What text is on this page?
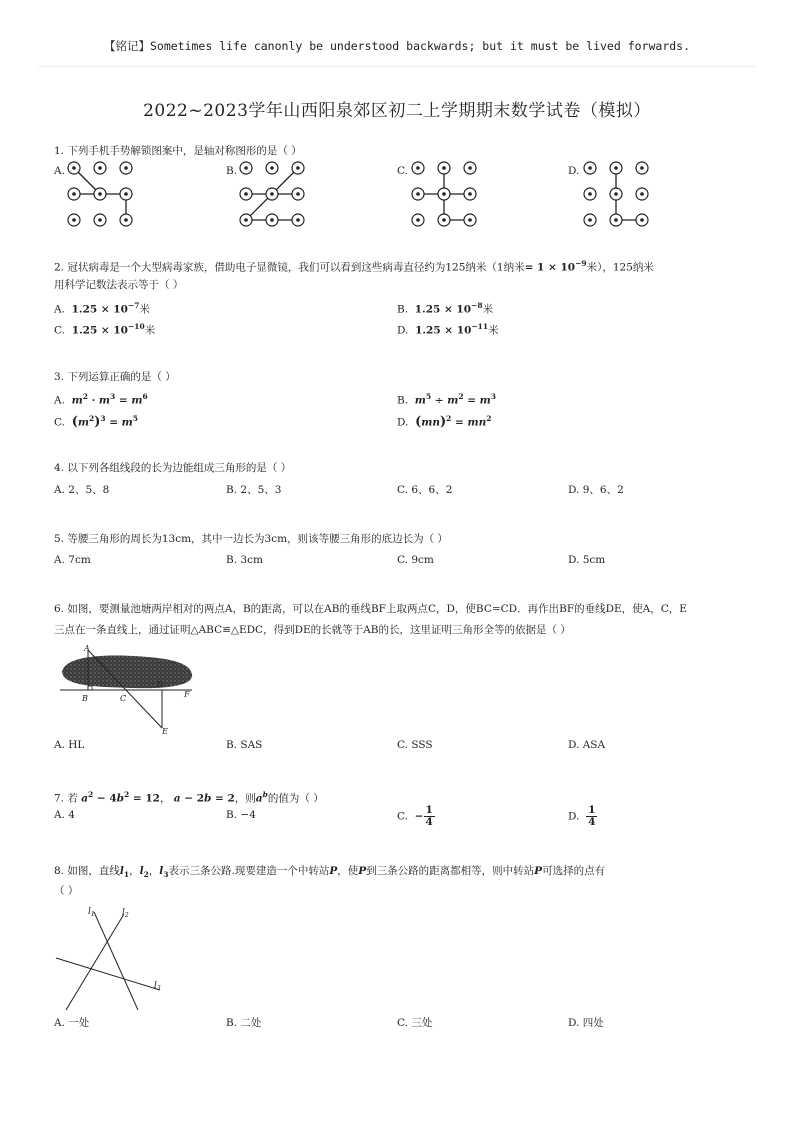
【铭记】Sometimes life canonly be understood backwards; but it must be lived forwards.
2022~2023学年山西阳泉郊区初二上学期期末数学试卷（模拟）
1. 下列手机手势解锁图案中，是轴对称图形的是（ ）
A.	B.	C.	D.
2. 冠状病毒是一个大型病毒家族，借助电子显微镜，我们可以看到这些病毒直径约为125纳米（1纳米= $1 \times 10^{-9}$米），125纳米
用科学记数法表示等于（ ）
A. $1.25 \times 10^{-7}$米	B. $1.25 \times 10^{-8}$米
C. $1.25 \times 10^{-10}$米	D. $1.25 \times 10^{-11}$米
3. 下列运算正确的是（ ）
A. $m^2 \cdot m^3 = m^6$	B. $m^5 \div m^2 = m^3$
C. $(m^2)^3 = m^5$	D. $(mn)^2 = mn^2$
4. 以下列各组线段的长为边能组成三角形的是（ ）
A. 2、5、8	B. 2、5、3	C. 6、6、2	D. 9、6、2
5. 等腰三角形的周长为13cm，其中一边长为3cm，则该等腰三角形的底边长为（ ）
A. 7cm	B. 3cm	C. 9cm	D. 5cm
6. 如图，要测量池塘两岸相对的两点A，B的距离，可以在AB的垂线BF上取两点C，D，使BC=CD．再作出BF的垂线DE，使A，C，E
三点在一条直线上，通过证明△ABC≌△EDC，得到DE的长就等于AB的长，这里证明三角形全等的依据是（ ）
A
B	C
D
E
F
A. HL	B. SAS	C. SSS	D. ASA
7. 若 $a^2 - 4b^2 = 12$， a − 2b = 2，则$a^b$的值为（ ）
A. 4	B. −4	C. − $\frac{1}{4}$	D. $\frac{1}{4}$
8. 如图，直线$l_1$，$l_2$，$l_3$表示三条公路.现要建造一个中转站P，使P到三条公路的距离都相等，则中转站P可选择的点有
（ ）
$l_1$	$l_2$
$l_3$
A. 一处	B. 二处	C. 三处	D. 四处
